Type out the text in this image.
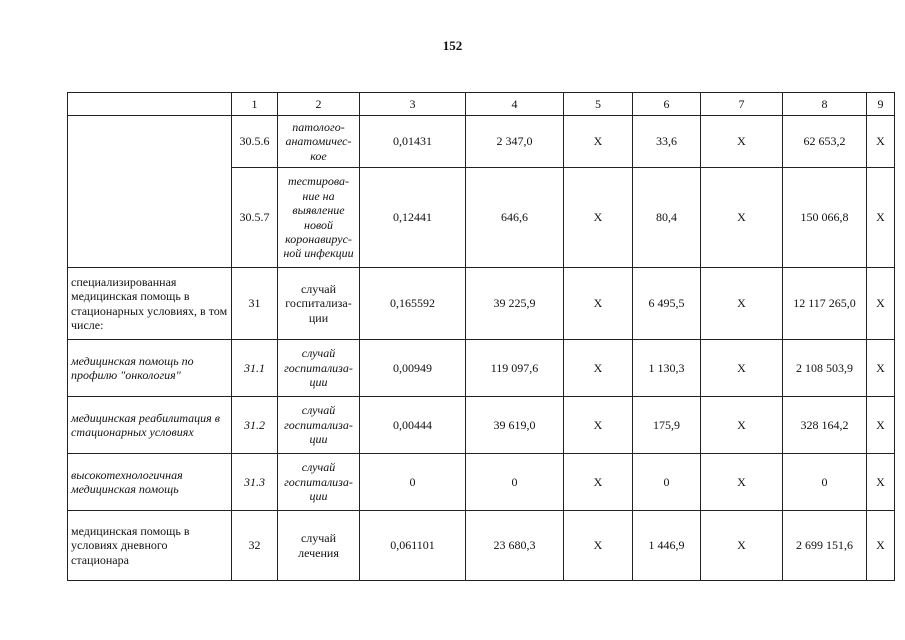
152
	1	2	3	4	5	6	7	8	9
	30.5.6	патолого-анатомичес-кое	0,01431	2 347,0	X	33,6	X	62 653,2	X
	30.5.7	тестирова-ние на выявление новой коронавирус-ной инфекции	0,12441	646,6	X	80,4	X	150 066,8	X
специализированная медицинская помощь в стационарных условиях, в том числе:	31	случай госпитализа-ции	0,165592	39 225,9	X	6 495,5	X	12 117 265,0	X
медицинская помощь по профилю "онкология"	31.1	случай госпитализа-ции	0,00949	119 097,6	X	1 130,3	X	2 108 503,9	X
медицинская реабилитация в стационарных условиях	31.2	случай госпитализа-ции	0,00444	39 619,0	X	175,9	X	328 164,2	X
высокотехнологичная медицинская помощь	31.3	случай госпитализа-ции	0	0	X	0	X	0	X
медицинская помощь в условиях дневного стационара	32	случай лечения	0,061101	23 680,3	X	1 446,9	X	2 699 151,6	X
